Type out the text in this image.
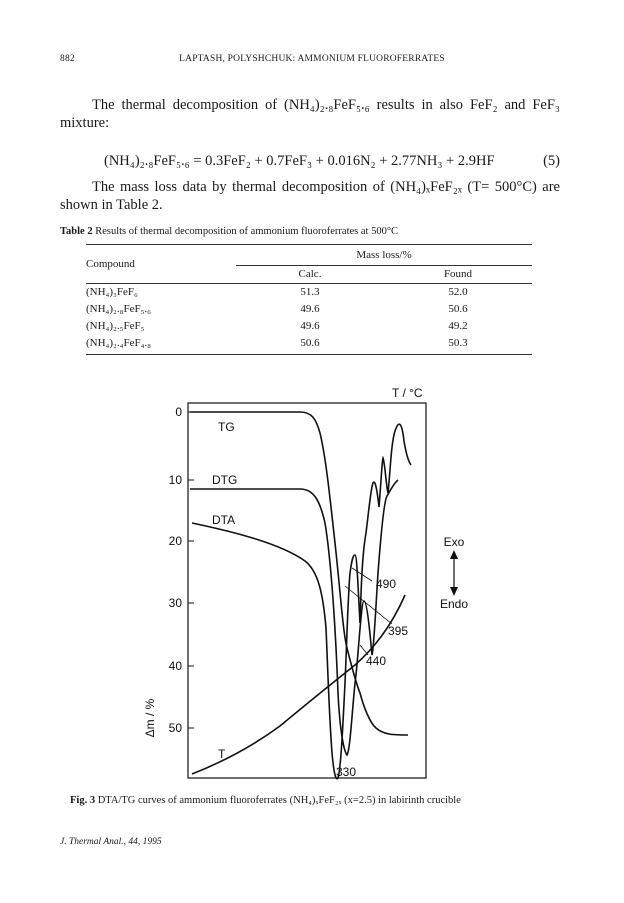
882	LAPTASH, POLYSHCHUK: AMMONIUM FLUOROFERRATES
The thermal decomposition of (NH₄)₂.₈FeF₅.₆ results in also FeF₂ and FeF₃ mixture:
(NH₄)₂.₈FeF₅.₆ = 0.3FeF₂ + 0.7FeF₃ + 0.016N₂ + 2.77NH₃ + 2.9HF	(5)
The mass loss data by thermal decomposition of (NH₄)ₓFeF₂ₓ (T= 500°C) are shown in Table 2.
Table 2 Results of thermal decomposition of ammonium fluoroferrates at 500°C
Compound	Mass loss/%	
	Calc.	Found
(NH₄)₃FeF₆	51.3	52.0
(NH₄)₂.₈FeF₅.₆	49.6	50.6
(NH₄)₂.₅FeF₅	49.6	49.2
(NH₄)₂.₄FeF₄.₈	50.6	50.3
0
10
20
30
40
50
Δm / %
T / °C
TG
DTG
DTA
T
490
395
440
330
Exo
Endo
Fig. 3 DTA/TG curves of ammonium fluoroferrates (NH₄)ₓFeF₂ₓ (x=2.5) in labirinth crucible
J. Thermal Anal., 44, 1995
